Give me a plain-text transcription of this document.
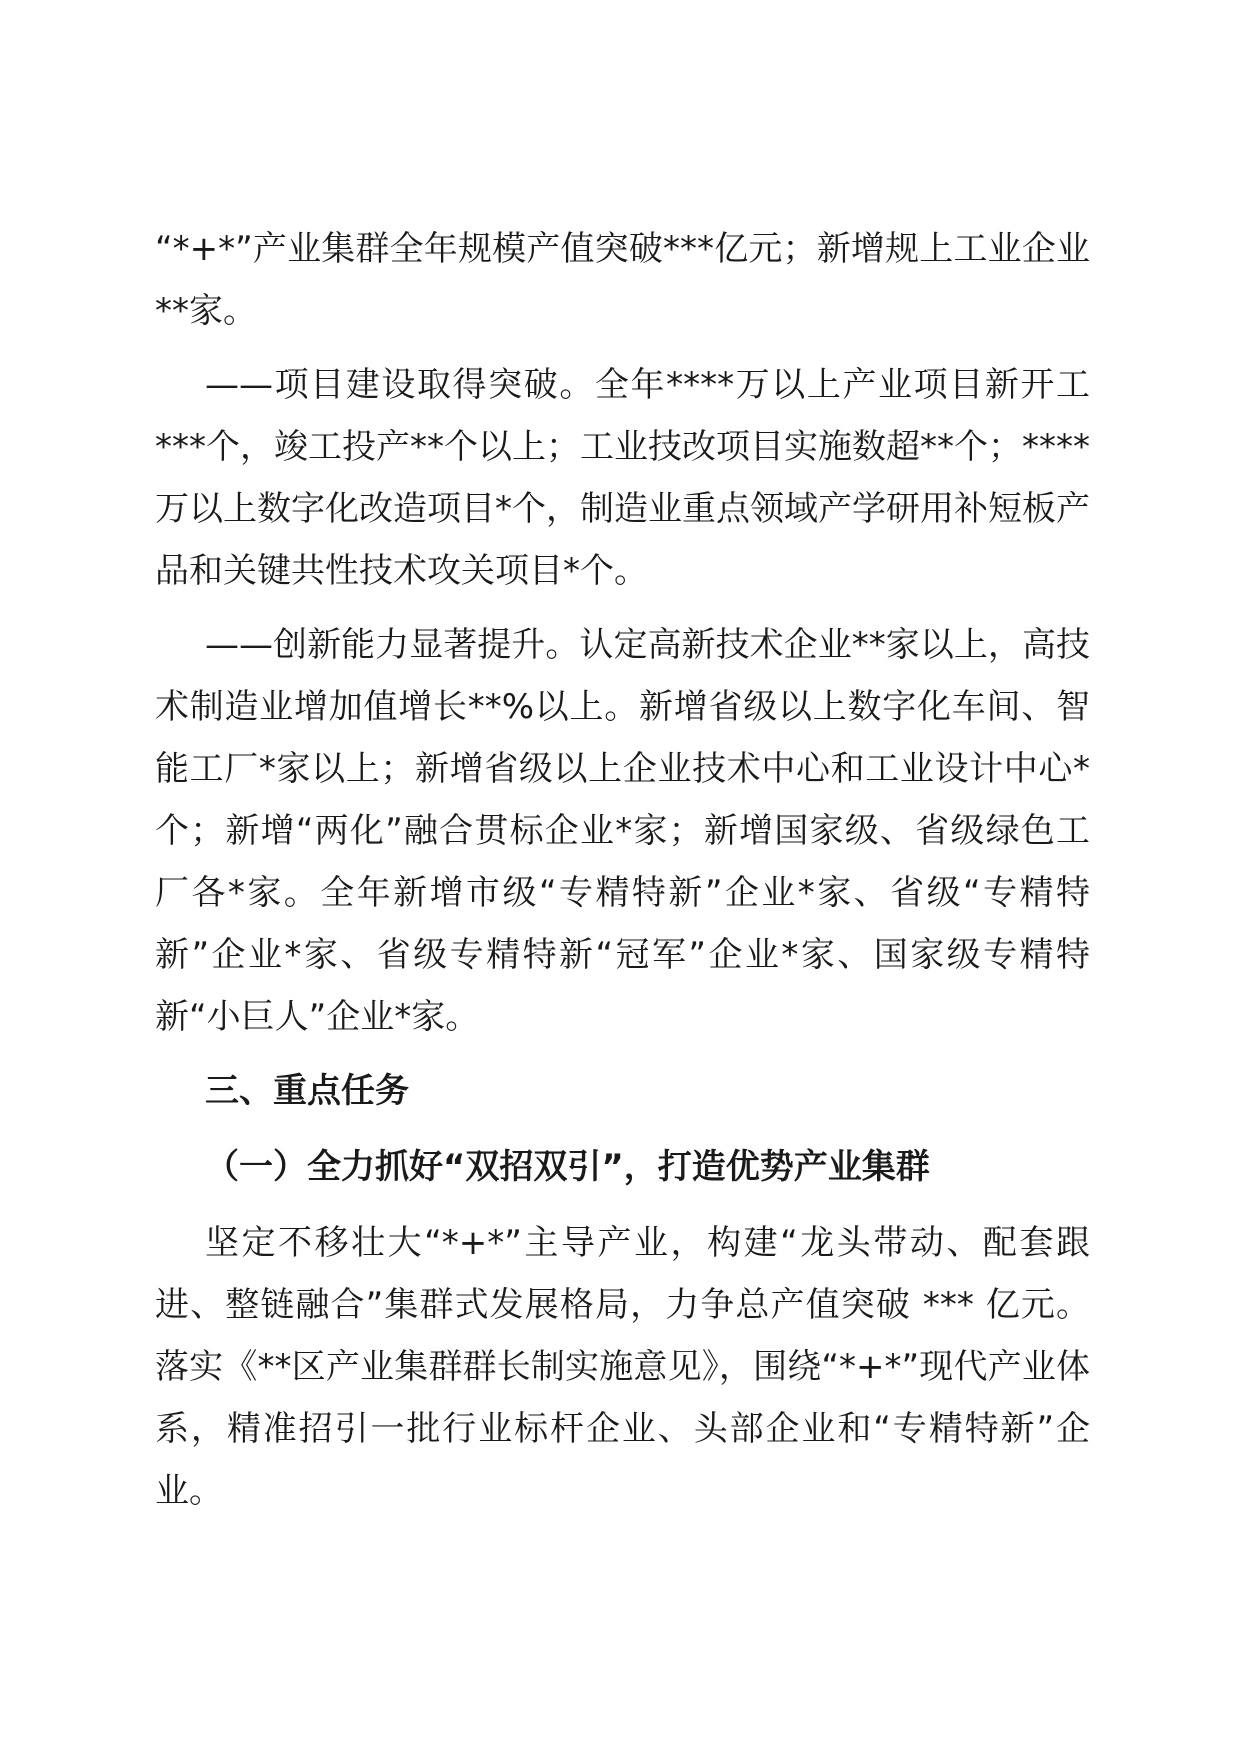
“*+*”产业集群全年规模产值突破***亿元；新增规上工业企业**家。

——项目建设取得突破。全年****万以上产业项目新开工***个，竣工投产**个以上；工业技改项目实施数超**个；****万以上数字化改造项目*个，制造业重点领域产学研用补短板产品和关键共性技术攻关项目*个。

——创新能力显著提升。认定高新技术企业**家以上，高技术制造业增加值增长**%以上。新增省级以上数字化车间、智能工厂*家以上；新增省级以上企业技术中心和工业设计中心*个；新增“两化”融合贯标企业*家；新增国家级、省级绿色工厂各*家。全年新增市级“专精特新”企业*家、省级“专精特新”企业*家、省级专精特新“冠军”企业*家、国家级专精特新“小巨人”企业*家。

三、重点任务

（一）全力抓好“双招双引”，打造优势产业集群

坚定不移壮大“*+*”主导产业，构建“龙头带动、配套跟进、整链融合”集群式发展格局，力争总产值突破 *** 亿元。落实《**区产业集群群长制实施意见》，围绕“*+*”现代产业体系，精准招引一批行业标杆企业、头部企业和“专精特新”企业。
